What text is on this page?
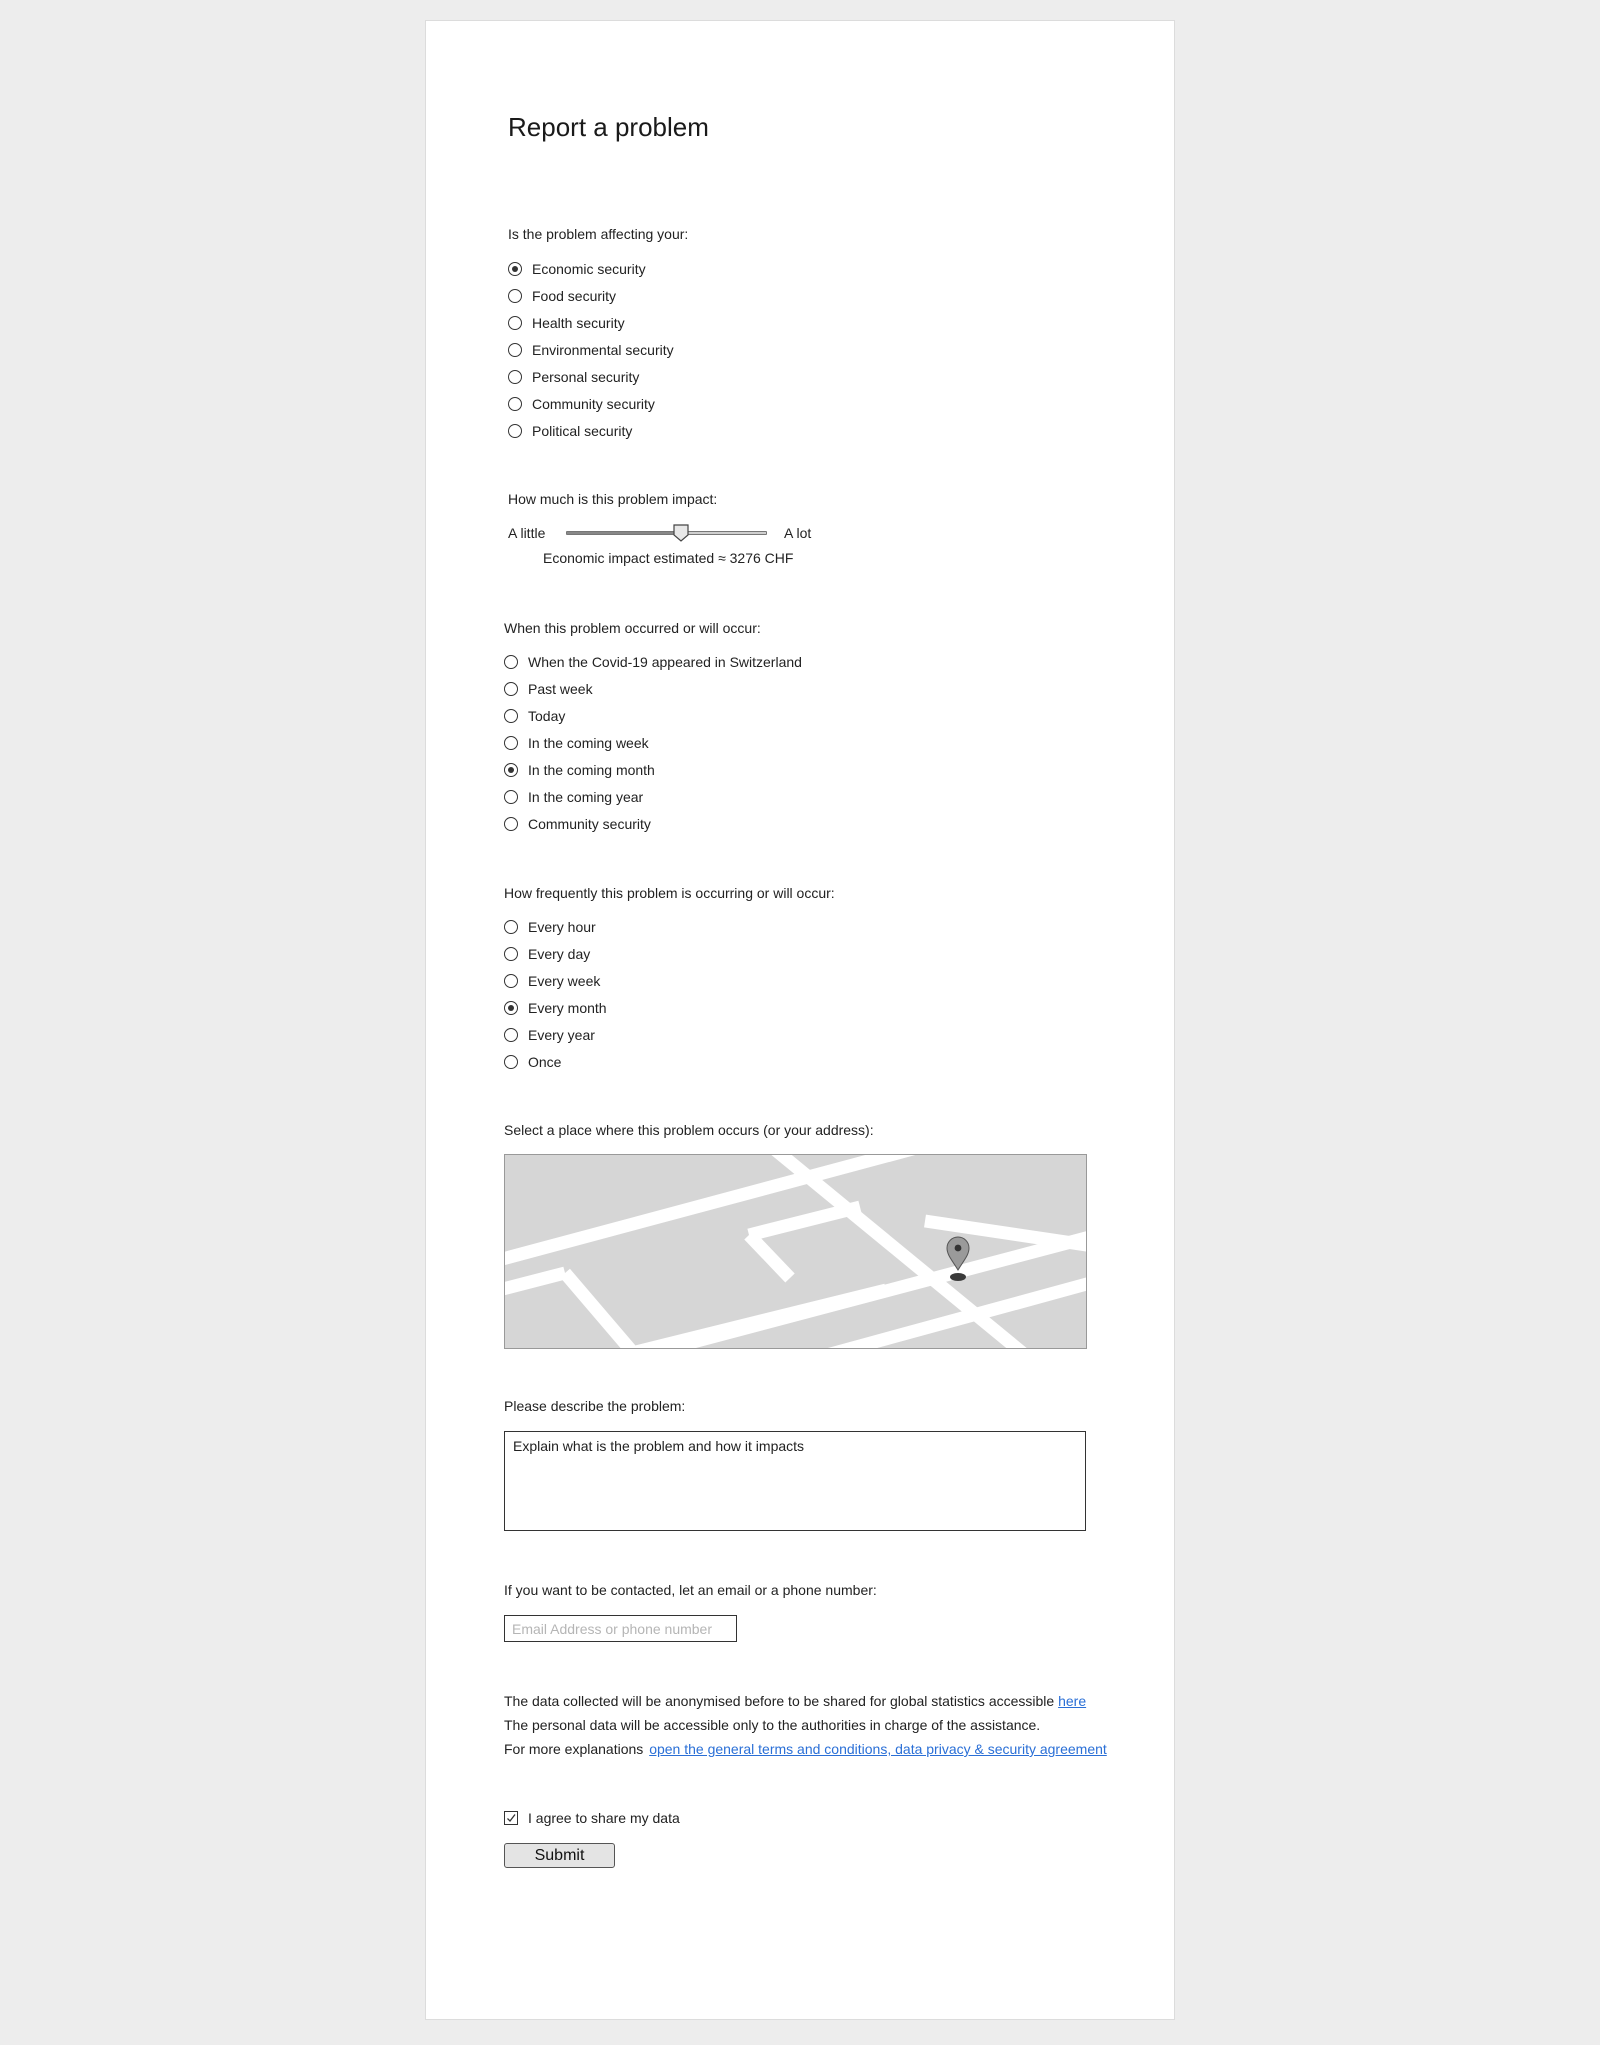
Report a problem
Is the problem affecting your:
Economic security
Food security
Health security
Environmental security
Personal security
Community security
Political security
How much is this problem impact:
A little	A lot
Economic impact estimated ≈ 3276 CHF
When this problem occurred or will occur:
When the Covid-19 appeared in Switzerland
Past week
Today
In the coming week
In the coming month
In the coming year
Community security
How frequently this problem is occurring or will occur:
Every hour
Every day
Every week
Every month
Every year
Once
Select a place where this problem occurs (or your address):
Please describe the problem:
Explain what is the problem and how it impacts
If you want to be contacted, let an email or a phone number:
Email Address or phone number
The data collected will be anonymised before to be shared for global statistics accessible here
The personal data will be accessible only to the authorities in charge of the assistance.
For more explanations open the general terms and conditions, data privacy & security agreement
I agree to share my data
Submit
